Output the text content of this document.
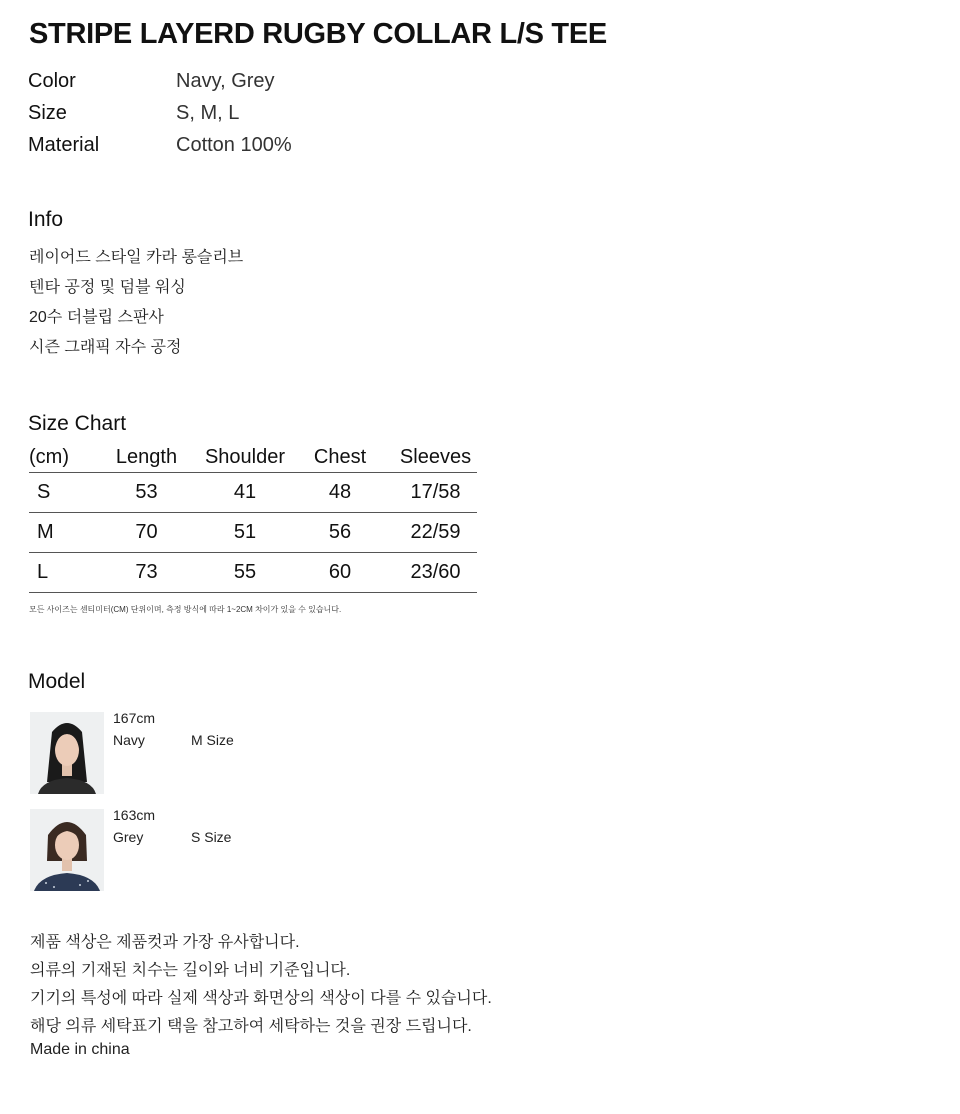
STRIPE LAYERD RUGBY COLLAR L/S TEE
Color	Navy, Grey
Size	S, M, L
Material	Cotton 100%
Info
레이어드 스타일 카라 롱슬리브
텐타 공정 및 덤블 워싱
20수 더블립 스판사
시즌 그래픽 자수 공정
Size Chart
(cm)	Length	Shoulder	Chest	Sleeves
S	53	41	48	17/58
M	70	51	56	22/59
L	73	55	60	23/60
모든 사이즈는 센티미터(CM) 단위이며, 측정 방식에 따라 1~2CM 차이가 있을 수 있습니다.
Model
167cm
Navy	M Size
163cm
Grey	S Size
제품 색상은 제품컷과 가장 유사합니다.
의류의 기재된 치수는 길이와 너비 기준입니다.
기기의 특성에 따라 실제 색상과 화면상의 색상이 다를 수 있습니다.
해당 의류 세탁표기 택을 참고하여 세탁하는 것을 권장 드립니다.
Made in china
